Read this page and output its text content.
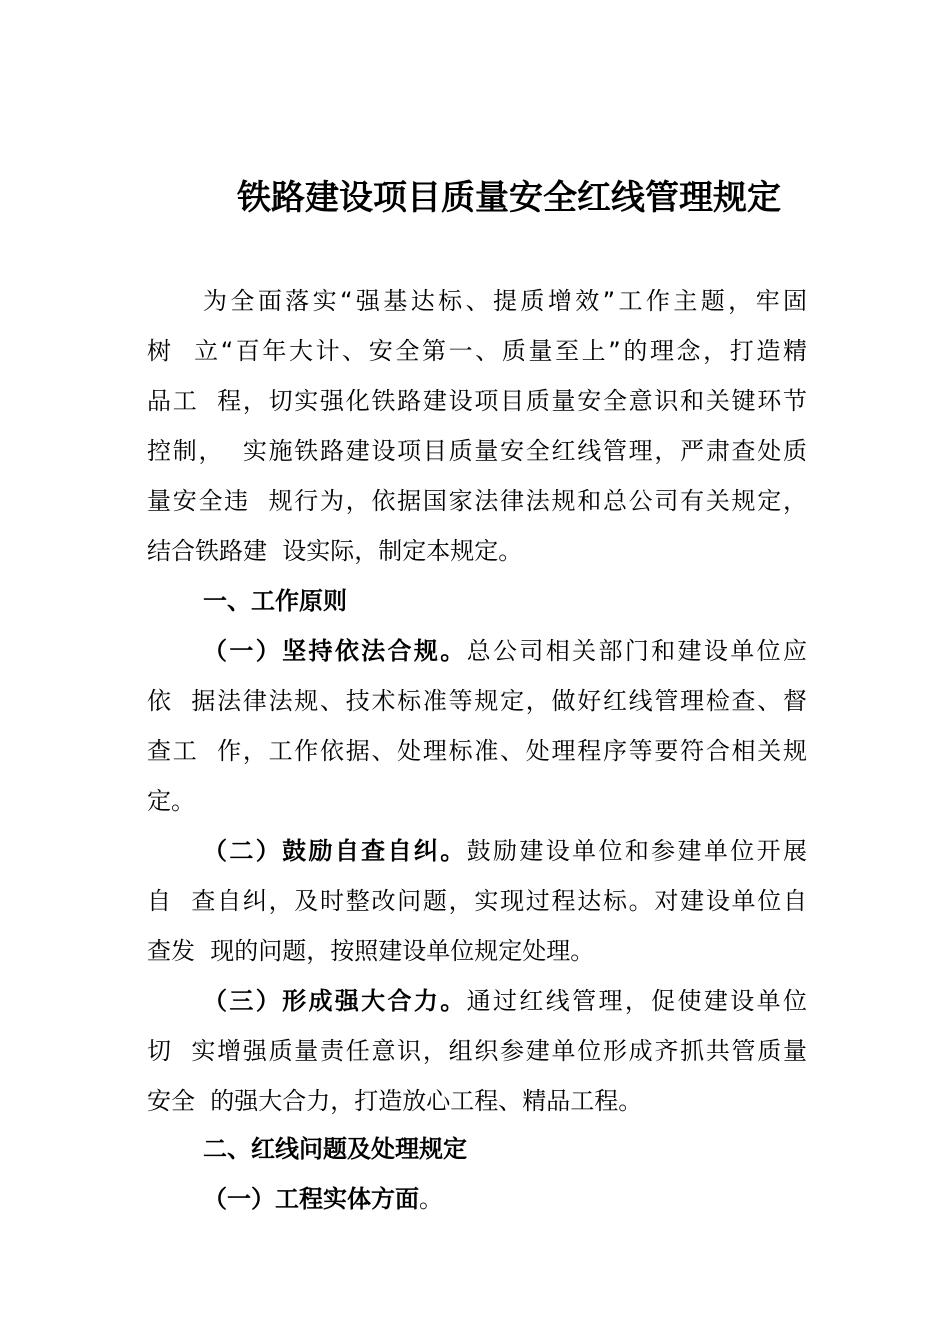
铁路建设项目质量安全红线管理规定
为全面落实“强基达标、提质增效”工作主题，牢固
树  立“百年大计、安全第一、质量至上”的理念，打造精
品工  程，切实强化铁路建设项目质量安全意识和关键环节
控制，  实施铁路建设项目质量安全红线管理，严肃查处质
量安全违  规行为，依据国家法律法规和总公司有关规定，
结合铁路建  设实际，制定本规定。
一、工作原则
（一）坚持依法合规。总公司相关部门和建设单位应
依  据法律法规、技术标准等规定，做好红线管理检查、督
查工  作，工作依据、处理标准、处理程序等要符合相关规
定。
（二）鼓励自查自纠。鼓励建设单位和参建单位开展
自  查自纠，及时整改问题，实现过程达标。对建设单位自
查发  现的问题，按照建设单位规定处理。
（三）形成强大合力。通过红线管理，促使建设单位
切  实增强质量责任意识，组织参建单位形成齐抓共管质量
安全  的强大合力，打造放心工程、精品工程。
二、红线问题及处理规定
（一）工程实体方面。
